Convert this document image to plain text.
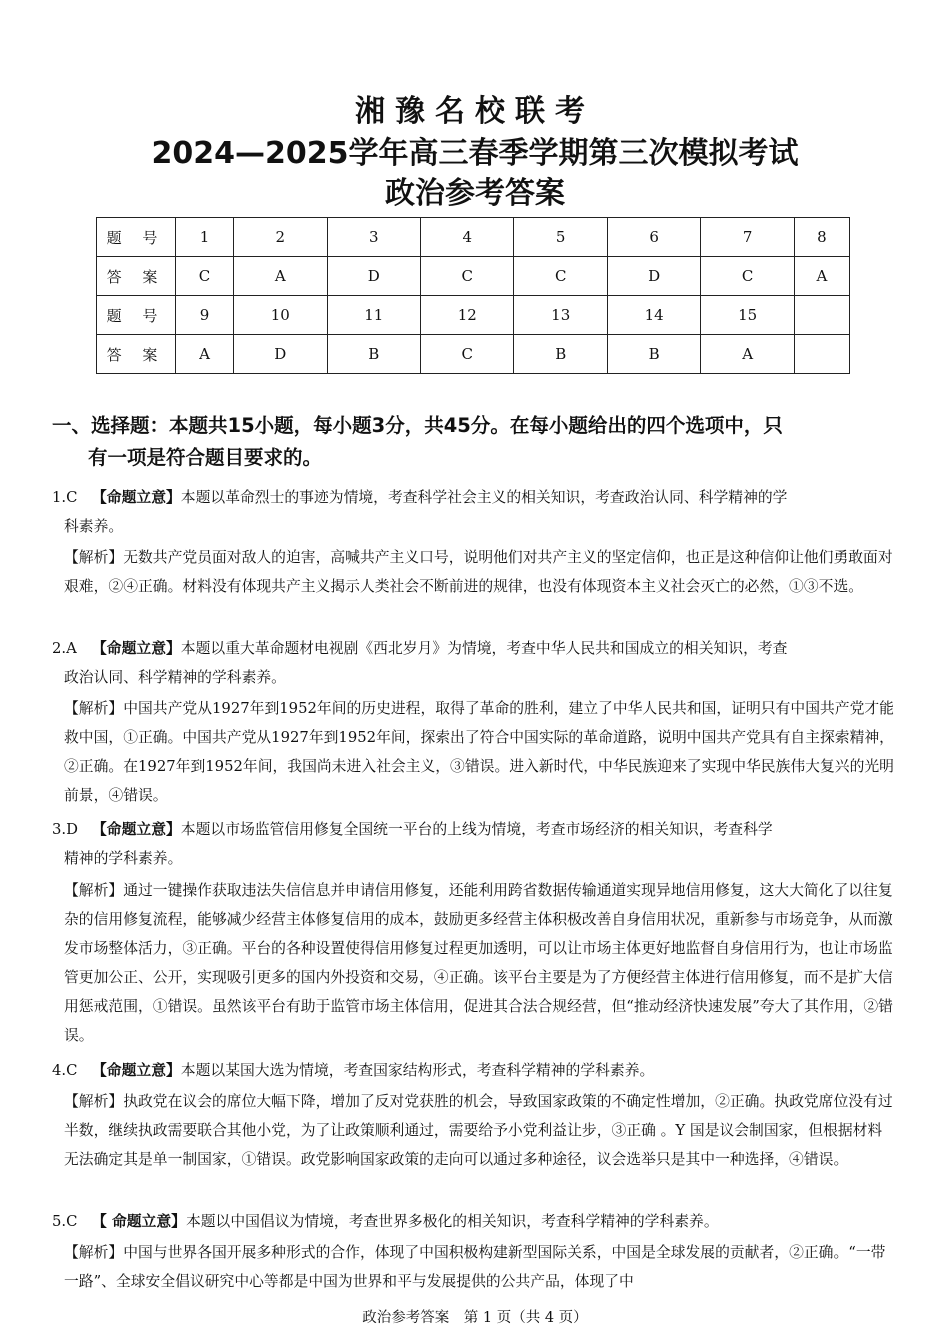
湘豫名校联考
2024—2025学年高三春季学期第三次模拟考试
政治参考答案
题 号	1	2	3	4	5	6	7	8
答 案	C	A	D	C	C	D	C	A
题 号	9	10	11	12	13	14	15	
答 案	A	D	B	C	B	B	A	
一、选择题：本题共15小题，每小题3分，共45分。在每小题给出的四个选项中，只
有一项是符合题目要求的。
1.C 【命题立意】本题以革命烈士的事迹为情境，考查科学社会主义的相关知识，考查政治认同、科学精神的学
科素养。
【解析】无数共产党员面对敌人的迫害，高喊共产主义口号，说明他们对共产主义的坚定信仰，也正是这种信仰让他们勇敢面对艰难，②④正确。材料没有体现共产主义揭示人类社会不断前进的规律，也没有体现资本主义社会灭亡的必然，①③不选。
2.A 【命题立意】本题以重大革命题材电视剧《西北岁月》为情境，考查中华人民共和国成立的相关知识，考查
政治认同、科学精神的学科素养。
【解析】中国共产党从1927年到1952年间的历史进程，取得了革命的胜利，建立了中华人民共和国，证明只有中国共产党才能救中国，①正确。中国共产党从1927年到1952年间，探索出了符合中国实际的革命道路，说明中国共产党具有自主探索精神，②正确。在1927年到1952年间，我国尚未进入社会主义，③错误。进入新时代，中华民族迎来了实现中华民族伟大复兴的光明前景，④错误。
3.D 【命题立意】本题以市场监管信用修复全国统一平台的上线为情境，考查市场经济的相关知识，考查科学
精神的学科素养。
【解析】通过一键操作获取违法失信信息并申请信用修复，还能利用跨省数据传输通道实现异地信用修复，这大大简化了以往复杂的信用修复流程，能够减少经营主体修复信用的成本，鼓励更多经营主体积极改善自身信用状况，重新参与市场竞争，从而激发市场整体活力，③正确。平台的各种设置使得信用修复过程更加透明，可以让市场主体更好地监督自身信用行为，也让市场监管更加公正、公开，实现吸引更多的国内外投资和交易，④正确。该平台主要是为了方便经营主体进行信用修复，而不是扩大信用惩戒范围，①错误。虽然该平台有助于监管市场主体信用，促进其合法合规经营，但“推动经济快速发展”夸大了其作用，②错误。
4.C 【命题立意】本题以某国大选为情境，考查国家结构形式，考查科学精神的学科素养。
【解析】执政党在议会的席位大幅下降，增加了反对党获胜的机会，导致国家政策的不确定性增加，②正确。执政党席位没有过半数，继续执政需要联合其他小党，为了让政策顺利通过，需要给予小党利益让步，③正确 。Y 国是议会制国家，但根据材料无法确定其是单一制国家，①错误。政党影响国家政策的走向可以通过多种途径，议会选举只是其中一种选择，④错误。
5.C 【 命题立意】本题以中国倡议为情境，考查世界多极化的相关知识，考查科学精神的学科素养。
【解析】中国与世界各国开展多种形式的合作，体现了中国积极构建新型国际关系，中国是全球发展的贡献者，②正确。“一带一路”、全球安全倡议研究中心等都是中国为世界和平与发展提供的公共产品，体现了中
政治参考答案　第 1 页（共 4 页）
